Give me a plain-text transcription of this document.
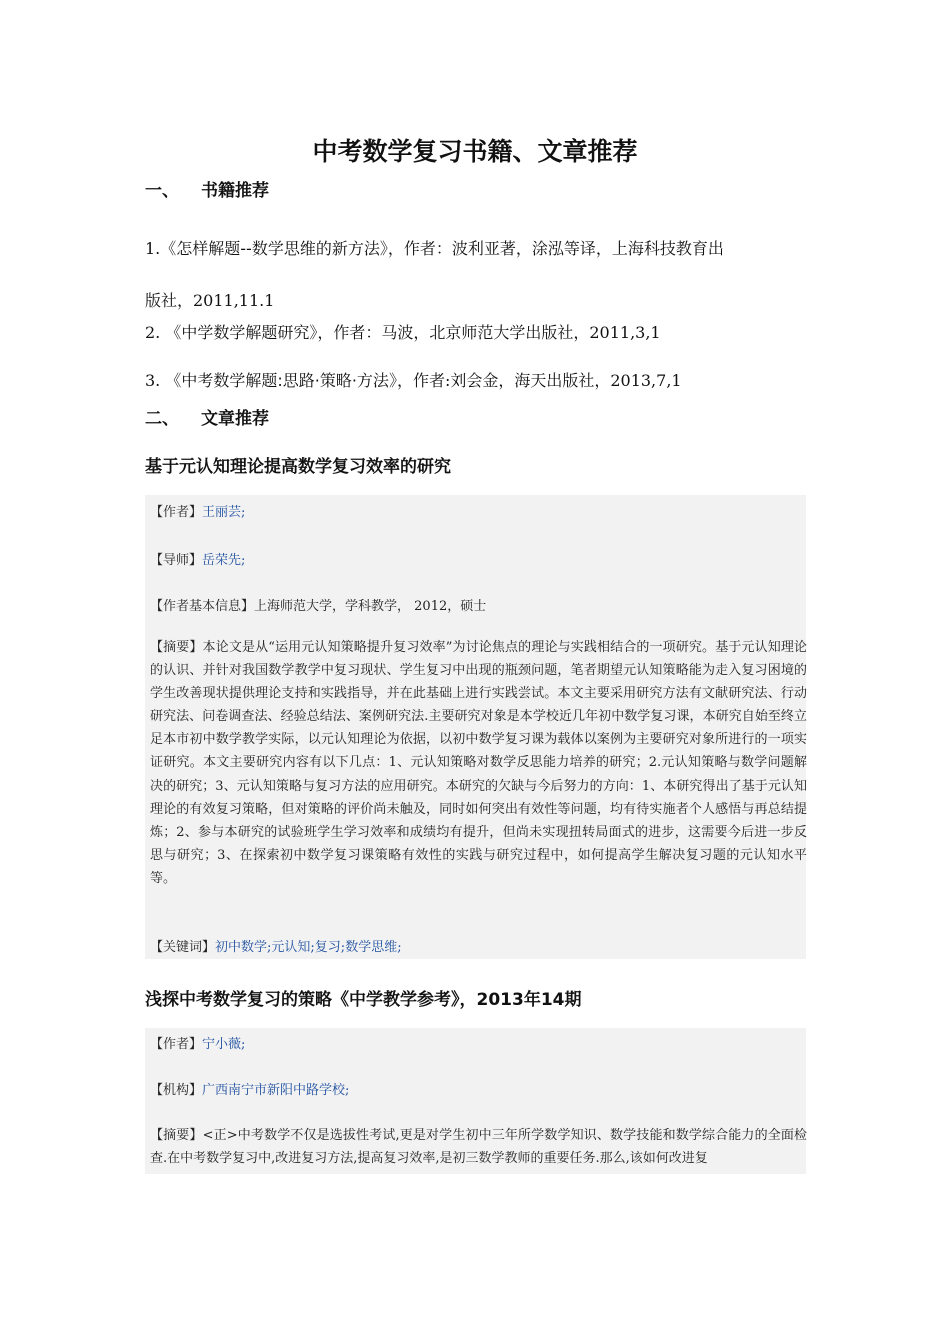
中考数学复习书籍、文章推荐
一、 书籍推荐
1.《怎样解题--数学思维的新方法》，作者：波利亚著，涂泓等译，上海科技教育出
版社，2011,11.1
2. 《中学数学解题研究》，作者：马波，北京师范大学出版社，2011,3,1
3. 《中考数学解题:思路·策略·方法》，作者:刘会金，海天出版社，2013,7,1
二、 文章推荐
基于元认知理论提高数学复习效率的研究
【作者】王丽芸;
【导师】岳荣先;
【作者基本信息】上海师范大学，学科教学， 2012，硕士
【摘要】本论文是从“运用元认知策略提升复习效率”为讨论焦点的理论与实践相结合的一项研究。基于元认知理论的认识、并针对我国数学教学中复习现状、学生复习中出现的瓶颈问题，笔者期望元认知策略能为走入复习困境的学生改善现状提供理论支持和实践指导，并在此基础上进行实践尝试。本文主要采用研究方法有文献研究法、行动研究法、问卷调查法、经验总结法、案例研究法.主要研究对象是本学校近几年初中数学复习课，本研究自始至终立足本市初中数学教学实际，以元认知理论为依据，以初中数学复习课为载体以案例为主要研究对象所进行的一项实证研究。本文主要研究内容有以下几点：1、元认知策略对数学反思能力培养的研究；2.元认知策略与数学问题解决的研究；3、元认知策略与复习方法的应用研究。本研究的欠缺与今后努力的方向：1、本研究得出了基于元认知理论的有效复习策略，但对策略的评价尚未触及，同时如何突出有效性等问题，均有待实施者个人感悟与再总结提炼；2、参与本研究的试验班学生学习效率和成绩均有提升，但尚未实现扭转局面式的进步，这需要今后进一步反思与研究；3、在探索初中数学复习课策略有效性的实践与研究过程中，如何提高学生解决复习题的元认知水平等。
【关键词】初中数学;元认知;复习;数学思维;
浅探中考数学复习的策略《中学教学参考》，2013年14期
【作者】宁小薇;
【机构】广西南宁市新阳中路学校;
【摘要】<正>中考数学不仅是选拔性考试,更是对学生初中三年所学数学知识、数学技能和数学综合能力的全面检查.在中考数学复习中,改进复习方法,提高复习效率,是初三数学教师的重要任务.那么,该如何改进复
